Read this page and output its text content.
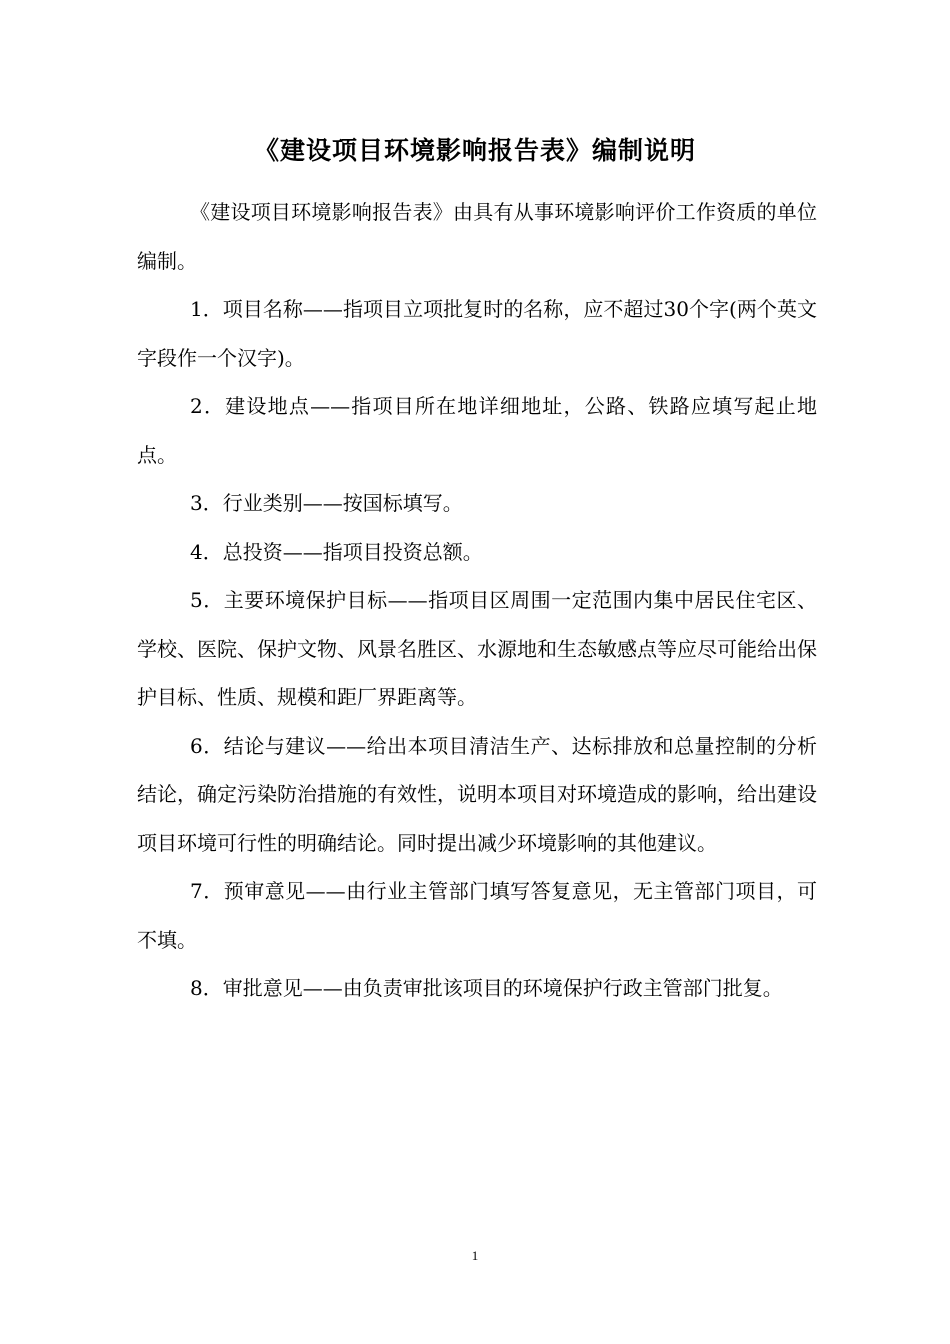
《建设项目环境影响报告表》编制说明

《建设项目环境影响报告表》由具有从事环境影响评价工作资质的单位编制。

1．项目名称——指项目立项批复时的名称，应不超过30个字(两个英文字段作一个汉字)。

2．建设地点——指项目所在地详细地址，公路、铁路应填写起止地点。

3．行业类别——按国标填写。

4．总投资——指项目投资总额。

5．主要环境保护目标——指项目区周围一定范围内集中居民住宅区、学校、医院、保护文物、风景名胜区、水源地和生态敏感点等应尽可能给出保护目标、性质、规模和距厂界距离等。

6．结论与建议——给出本项目清洁生产、达标排放和总量控制的分析结论，确定污染防治措施的有效性，说明本项目对环境造成的影响，给出建设项目环境可行性的明确结论。同时提出减少环境影响的其他建议。

7．预审意见——由行业主管部门填写答复意见，无主管部门项目，可不填。

8．审批意见——由负责审批该项目的环境保护行政主管部门批复。

1
